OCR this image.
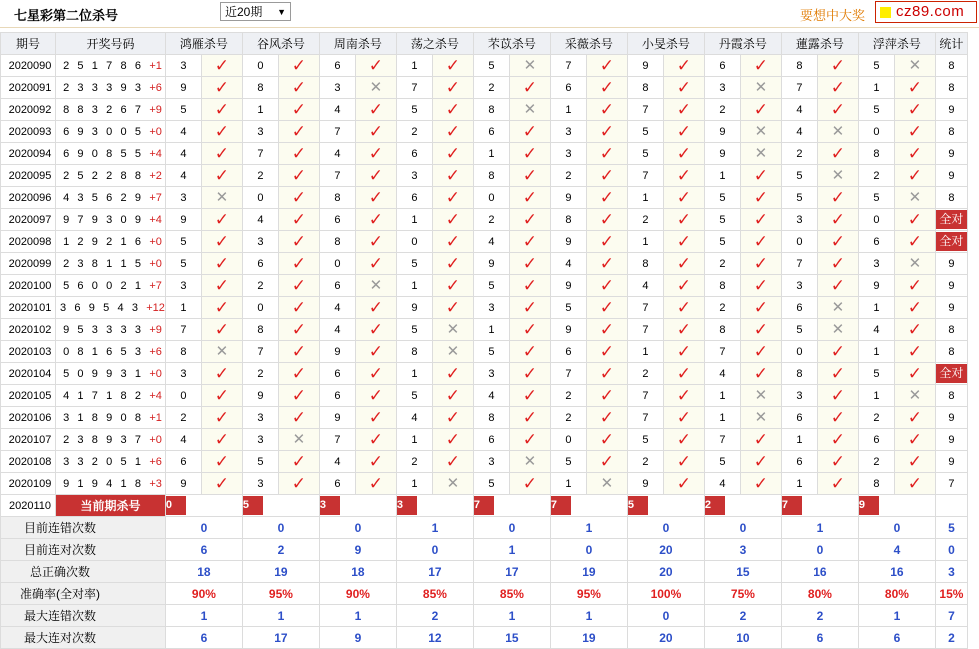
七星彩第二位杀号	近20期 ▼	要想中大奖 cz89.com
期号	开奖号码	鸿雁杀号		谷风杀号		周南杀号		荡之杀号		芣苡杀号		采薇杀号		小旻杀号		丹霞杀号		蓮露杀号		浮萍杀号		统计
2020090	2 5 1 7 8 6 +1	3	✓	0	✓	6	✓	1	✓	5	✕	7	✓	9	✓	6	✓	8	✓	5	✕	8
2020091	2 3 3 3 9 3 +6	9	✓	8	✓	3	✕	7	✓	2	✓	6	✓	8	✓	3	✕	7	✓	1	✓	8
2020092	8 8 3 2 6 7 +9	5	✓	1	✓	4	✓	5	✓	8	✕	1	✓	7	✓	2	✓	4	✓	5	✓	9
2020093	6 9 3 0 0 5 +0	4	✓	3	✓	7	✓	2	✓	6	✓	3	✓	5	✓	9	✕	4	✕	0	✓	8
2020094	6 9 0 8 5 5 +4	4	✓	7	✓	4	✓	6	✓	1	✓	3	✓	5	✓	9	✕	2	✓	8	✓	9
2020095	2 5 2 2 8 8 +2	4	✓	2	✓	7	✓	3	✓	8	✓	2	✓	7	✓	1	✓	5	✕	2	✓	9
2020096	4 3 5 6 2 9 +7	3	✕	0	✓	8	✓	6	✓	0	✓	9	✓	1	✓	5	✓	5	✓	5	✕	8
2020097	9 7 9 3 0 9 +4	9	✓	4	✓	6	✓	1	✓	2	✓	8	✓	2	✓	5	✓	3	✓	0	✓	全对

2020098	1 2 9 2 1 6 +0	5	✓	3	✓	8	✓	0	✓	4	✓	9	✓	1	✓	5	✓	0	✓	6	✓	全对

2020099	2 3 8 1 1 5 +0	5	✓	6	✓	0	✓	5	✓	9	✓	4	✓	8	✓	2	✓	7	✓	3	✕	9
2020100	5 6 0 0 2 1 +7	3	✓	2	✓	6	✕	1	✓	5	✓	9	✓	4	✓	8	✓	3	✓	9	✓	9
2020101	3 6 9 5 4 3 +12	1	✓	0	✓	4	✓	9	✓	3	✓	5	✓	7	✓	2	✓	6	✕	1	✓	9
2020102	9 5 3 3 3 3 +9	7	✓	8	✓	4	✓	5	✕	1	✓	9	✓	7	✓	8	✓	5	✕	4	✓	8
2020103	0 8 1 6 5 3 +6	8	✕	7	✓	9	✓	8	✕	5	✓	6	✓	1	✓	7	✓	0	✓	1	✓	8
2020104	5 0 9 9 3 1 +0	3	✓	2	✓	6	✓	1	✓	3	✓	7	✓	2	✓	4	✓	8	✓	5	✓	全对

2020105	4 1 7 1 8 2 +4	0	✓	9	✓	6	✓	5	✓	4	✓	2	✓	7	✓	1	✕	3	✓	1	✕	8
2020106	3 1 8 9 0 8 +1	2	✓	3	✓	9	✓	4	✓	8	✓	2	✓	7	✓	1	✕	6	✓	2	✓	9
2020107	2 3 8 9 3 7 +0	4	✓	3	✕	7	✓	1	✓	6	✓	0	✓	5	✓	7	✓	1	✓	6	✓	9
2020108	3 3 2 0 5 1 +6	6	✓	5	✓	4	✓	2	✓	3	✕	5	✓	2	✓	5	✓	6	✓	2	✓	9
2020109	9 1 9 4 1 8 +3	9	✓	3	✓	6	✓	1	✕	5	✓	1	✕	9	✓	4	✓	1	✓	8	✓	7
2020110	当前期杀号	0		5		3		3		7		7		5		2		7		9		

目前连错次数		0		0		0		1		0		1		0		0		1		0		5
目前连对次数		6		2		9		0		1		0		20		3		0		4		0
总正确次数		18		19		18		17		17		19		20		15		16		16		3
准确率(全对率)		90%		95%		90%		85%		85%		95%		100%		75%		80%		80%		15%
最大连错次数		1		1		1		2		1		1		0		2		2		1		7
最大连对次数		6		17		9		12		15		19		20		10		6		6		2
